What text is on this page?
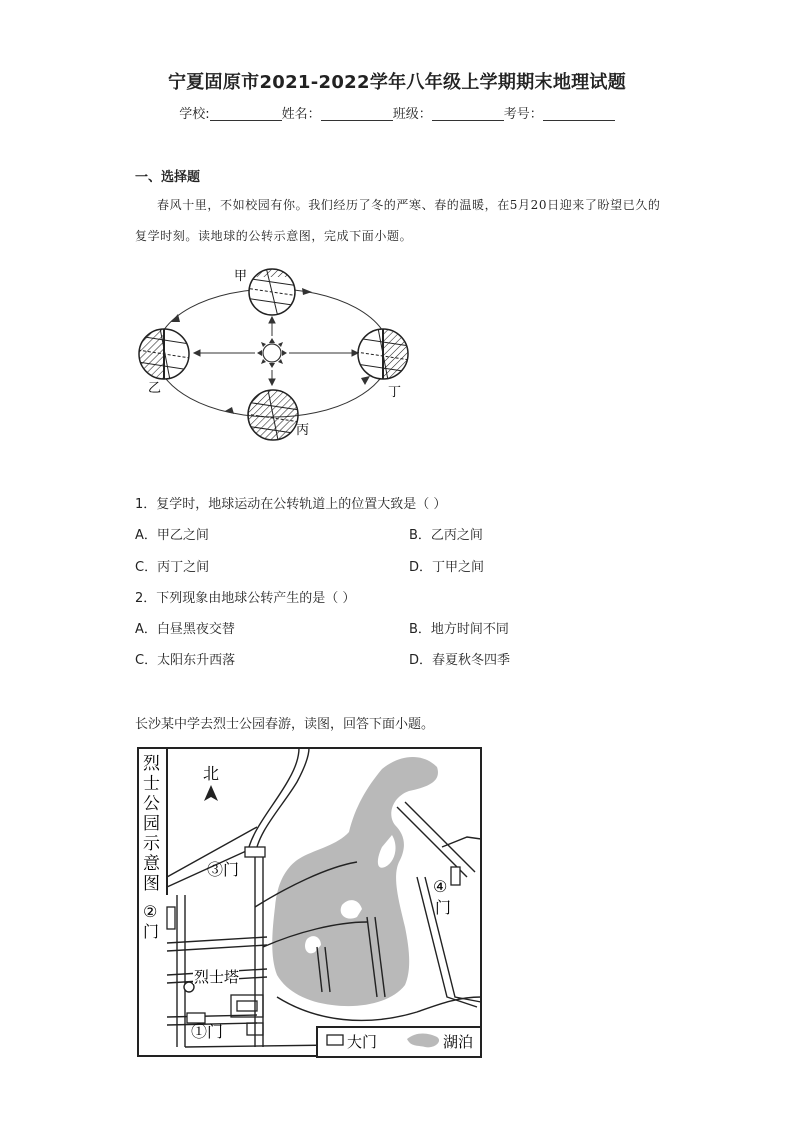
宁夏固原市2021-2022学年八年级上学期期末地理试题
学校:	姓名：	班级：	考号：
一、选择题
春风十里，不如校园有你。我们经历了冬的严寒、春的温暖，在5月20日迎来了盼望已久的复学时刻。读地球的公转示意图，完成下面小题。
甲
乙
丙
丁
1．复学时，地球运动在公转轨道上的位置大致是（ ）
A．甲乙之间	B．乙丙之间
C．丙丁之间	D．丁甲之间
2．下列现象由地球公转产生的是（ ）
A．白昼黑夜交替	B．地方时间不同
C．太阳东升西落	D．春夏秋冬四季
长沙某中学去烈士公园春游，读图，回答下面小题。
烈
士
公
园
示
意
图
②
门
北
③门
④
门
烈士塔
①门
大门	湖泊
